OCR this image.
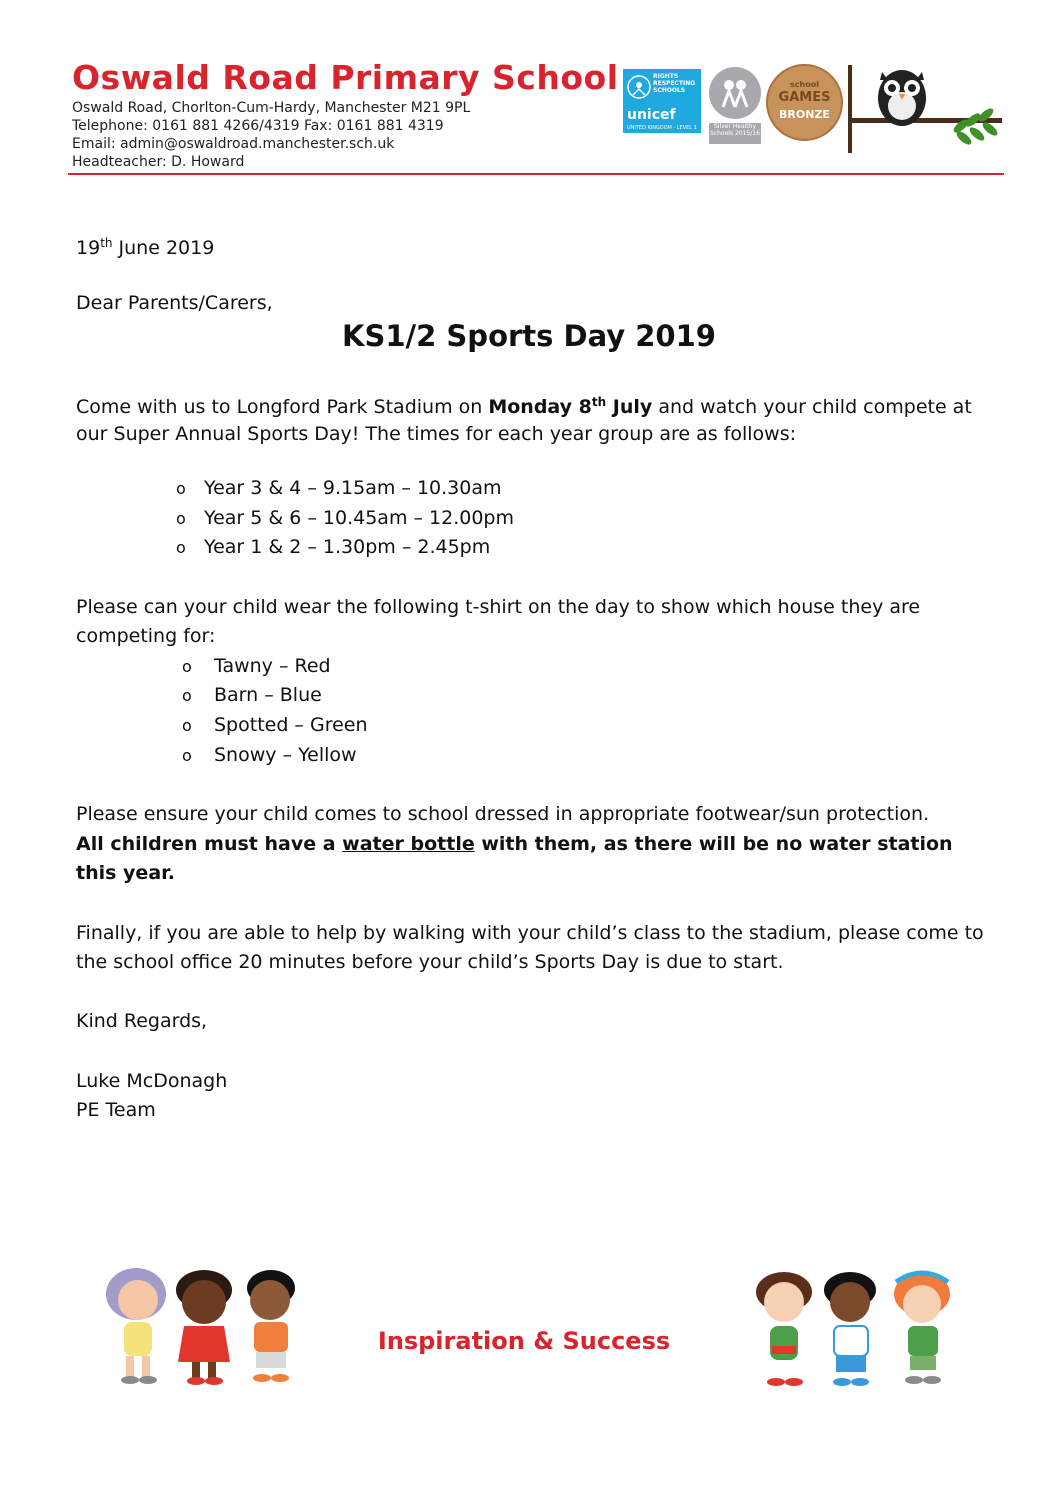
Oswald Road Primary School
Oswald Road, Chorlton-Cum-Hardy, Manchester M21 9PL
Telephone: 0161 881 4266/4319 Fax: 0161 881 4319
Email: admin@oswaldroad.manchester.sch.uk
Headteacher: D. Howard
RIGHTS RESPECTING SCHOOLS
unicef
UNITED KINGDOM · LEVEL 1	Silver Healthy Schools 2015/16
school
GAMES
BRONZE

19th June 2019

Dear Parents/Carers,

KS1/2 Sports Day 2019

Come with us to Longford Park Stadium on Monday 8th July and watch your child compete at

our Super Annual Sports Day! The times for each year group are as follows:

o Year 3 & 4 – 9.15am – 10.30am
o Year 5 & 6 – 10.45am – 12.00pm
o Year 1 & 2 – 1.30pm – 2.45pm

Please can your child wear the following t-shirt on the day to show which house they are

competing for:

o Tawny – Red
o Barn – Blue
o Spotted – Green
o Snowy – Yellow

Please ensure your child comes to school dressed in appropriate footwear/sun protection.

All children must have a water bottle with them, as there will be no water station

this year.

Finally, if you are able to help by walking with your child’s class to the stadium, please come to

the school office 20 minutes before your child’s Sports Day is due to start.

Kind Regards,

Luke McDonagh

PE Team

Inspiration & Success
